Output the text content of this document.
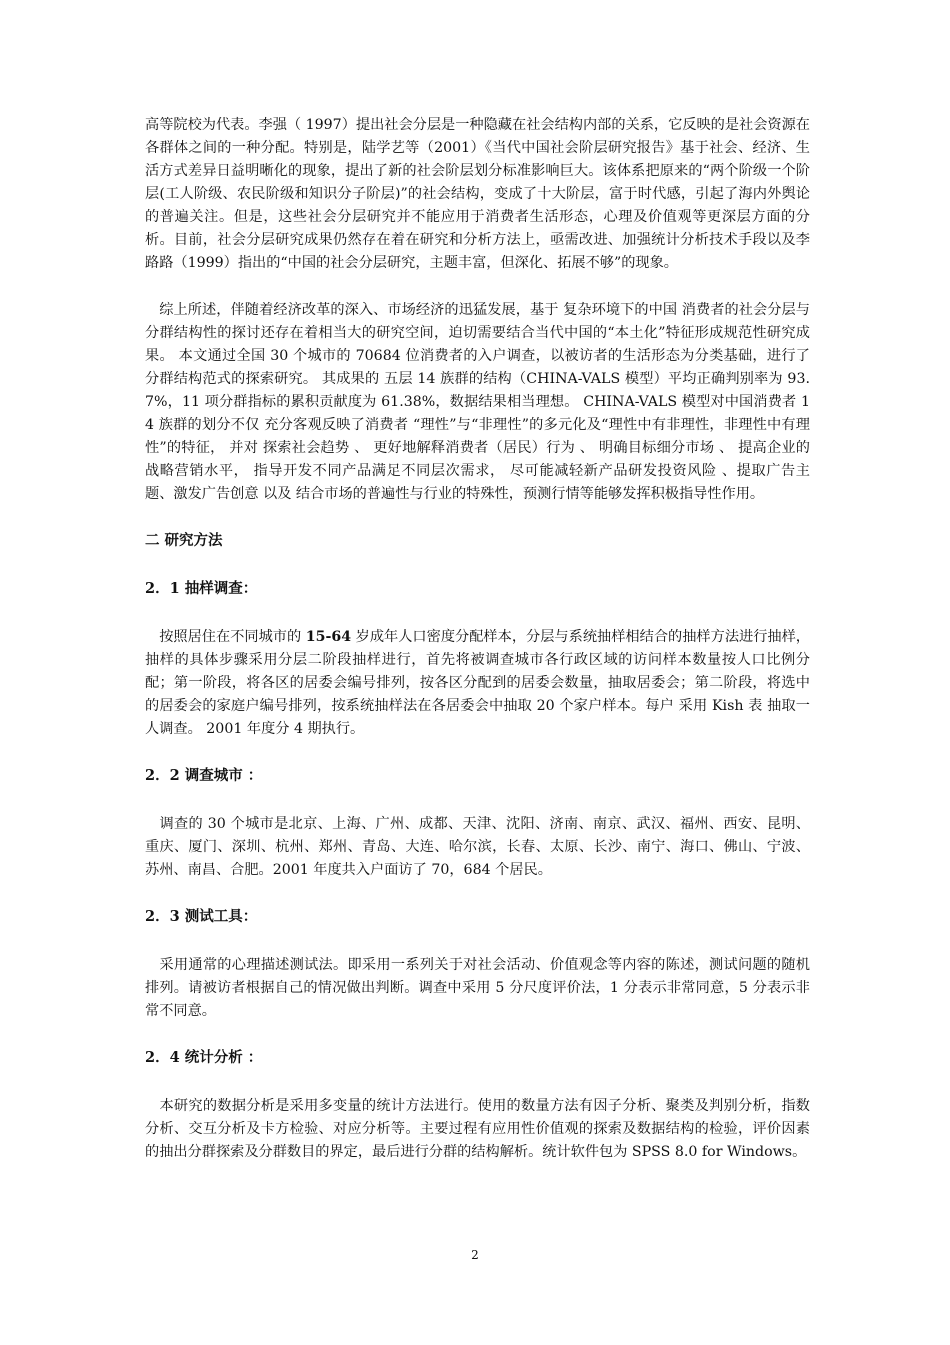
高等院校为代表。李强（ 1997）提出社会分层是一种隐藏在社会结构内部的关系，它反映的是社会资源在各群体之间的一种分配。特别是，陆学艺等（2001）《当代中国社会阶层研究报告》基于社会、经济、生活方式差异日益明晰化的现象，提出了新的社会阶层划分标准影响巨大。该体系把原来的“两个阶级一个阶层(工人阶级、农民阶级和知识分子阶层)”的社会结构，变成了十大阶层，富于时代感，引起了海内外舆论的普遍关注。但是，这些社会分层研究并不能应用于消费者生活形态，心理及价值观等更深层方面的分析。目前，社会分层研究成果仍然存在着在研究和分析方法上，亟需改进、加强统计分析技术手段以及李路路（1999）指出的“中国的社会分层研究，主题丰富，但深化、拓展不够”的现象。

　综上所述，伴随着经济改革的深入、市场经济的迅猛发展，基于 复杂环境下的中国 消费者的社会分层与分群结构性的探讨还存在着相当大的研究空间，迫切需要结合当代中国的“本土化”特征形成规范性研究成果。 本文通过全国 30 个城市的 70684 位消费者的入户调查，以被访者的生活形态为分类基础，进行了分群结构范式的探索研究。 其成果的 五层 14 族群的结构（CHINA-VALS 模型）平均正确判别率为 93.7%，11 项分群指标的累积贡献度为 61.38%，数据结果相当理想。 CHINA-VALS 模型对中国消费者 14 族群的划分不仅 充分客观反映了消费者 “理性”与“非理性”的多元化及“理性中有非理性，非理性中有理性”的特征， 并对 探索社会趋势 、 更好地解释消费者（居民）行为 、 明确目标细分市场 、 提高企业的战略营销水平， 指导开发不同产品满足不同层次需求， 尽可能减轻新产品研发投资风险 、提取广告主题、激发广告创意 以及 结合市场的普遍性与行业的特殊性，预测行情等能够发挥积极指导性作用。

二 研究方法
2．1 抽样调查：

　按照居住在不同城市的 15-64 岁成年人口密度分配样本，分层与系统抽样相结合的抽样方法进行抽样，抽样的具体步骤采用分层二阶段抽样进行，首先将被调查城市各行政区域的访问样本数量按人口比例分配；第一阶段，将各区的居委会编号排列，按各区分配到的居委会数量，抽取居委会；第二阶段，将选中的居委会的家庭户编号排列，按系统抽样法在各居委会中抽取 20 个家户样本。每户 采用 Kish 表 抽取一人调查。 2001 年度分 4 期执行。

2．2 调查城市 ：

　调查的 30 个城市是北京、上海、广州、成都、天津、沈阳、济南、南京、武汉、福州、西安、昆明、重庆、厦门、深圳、杭州、郑州、青岛、大连、哈尔滨，长春、太原、长沙、南宁、海口、佛山、宁波、苏州、南昌、合肥。2001 年度共入户面访了 70，684 个居民。

2．3 测试工具：

　采用通常的心理描述测试法。即采用一系列关于对社会活动、价值观念等内容的陈述，测试问题的随机排列。请被访者根据自己的情况做出判断。调查中采用 5 分尺度评价法，1 分表示非常同意，5 分表示非常不同意。

2．4 统计分析 ：

　本研究的数据分析是采用多变量的统计方法进行。使用的数量方法有因子分析、聚类及判别分析，指数分析、交互分析及卡方检验、对应分析等。主要过程有应用性价值观的探索及数据结构的检验，评价因素的抽出分群探索及分群数目的界定，最后进行分群的结构解析。统计软件包为 SPSS 8.0 for Windows。

2
